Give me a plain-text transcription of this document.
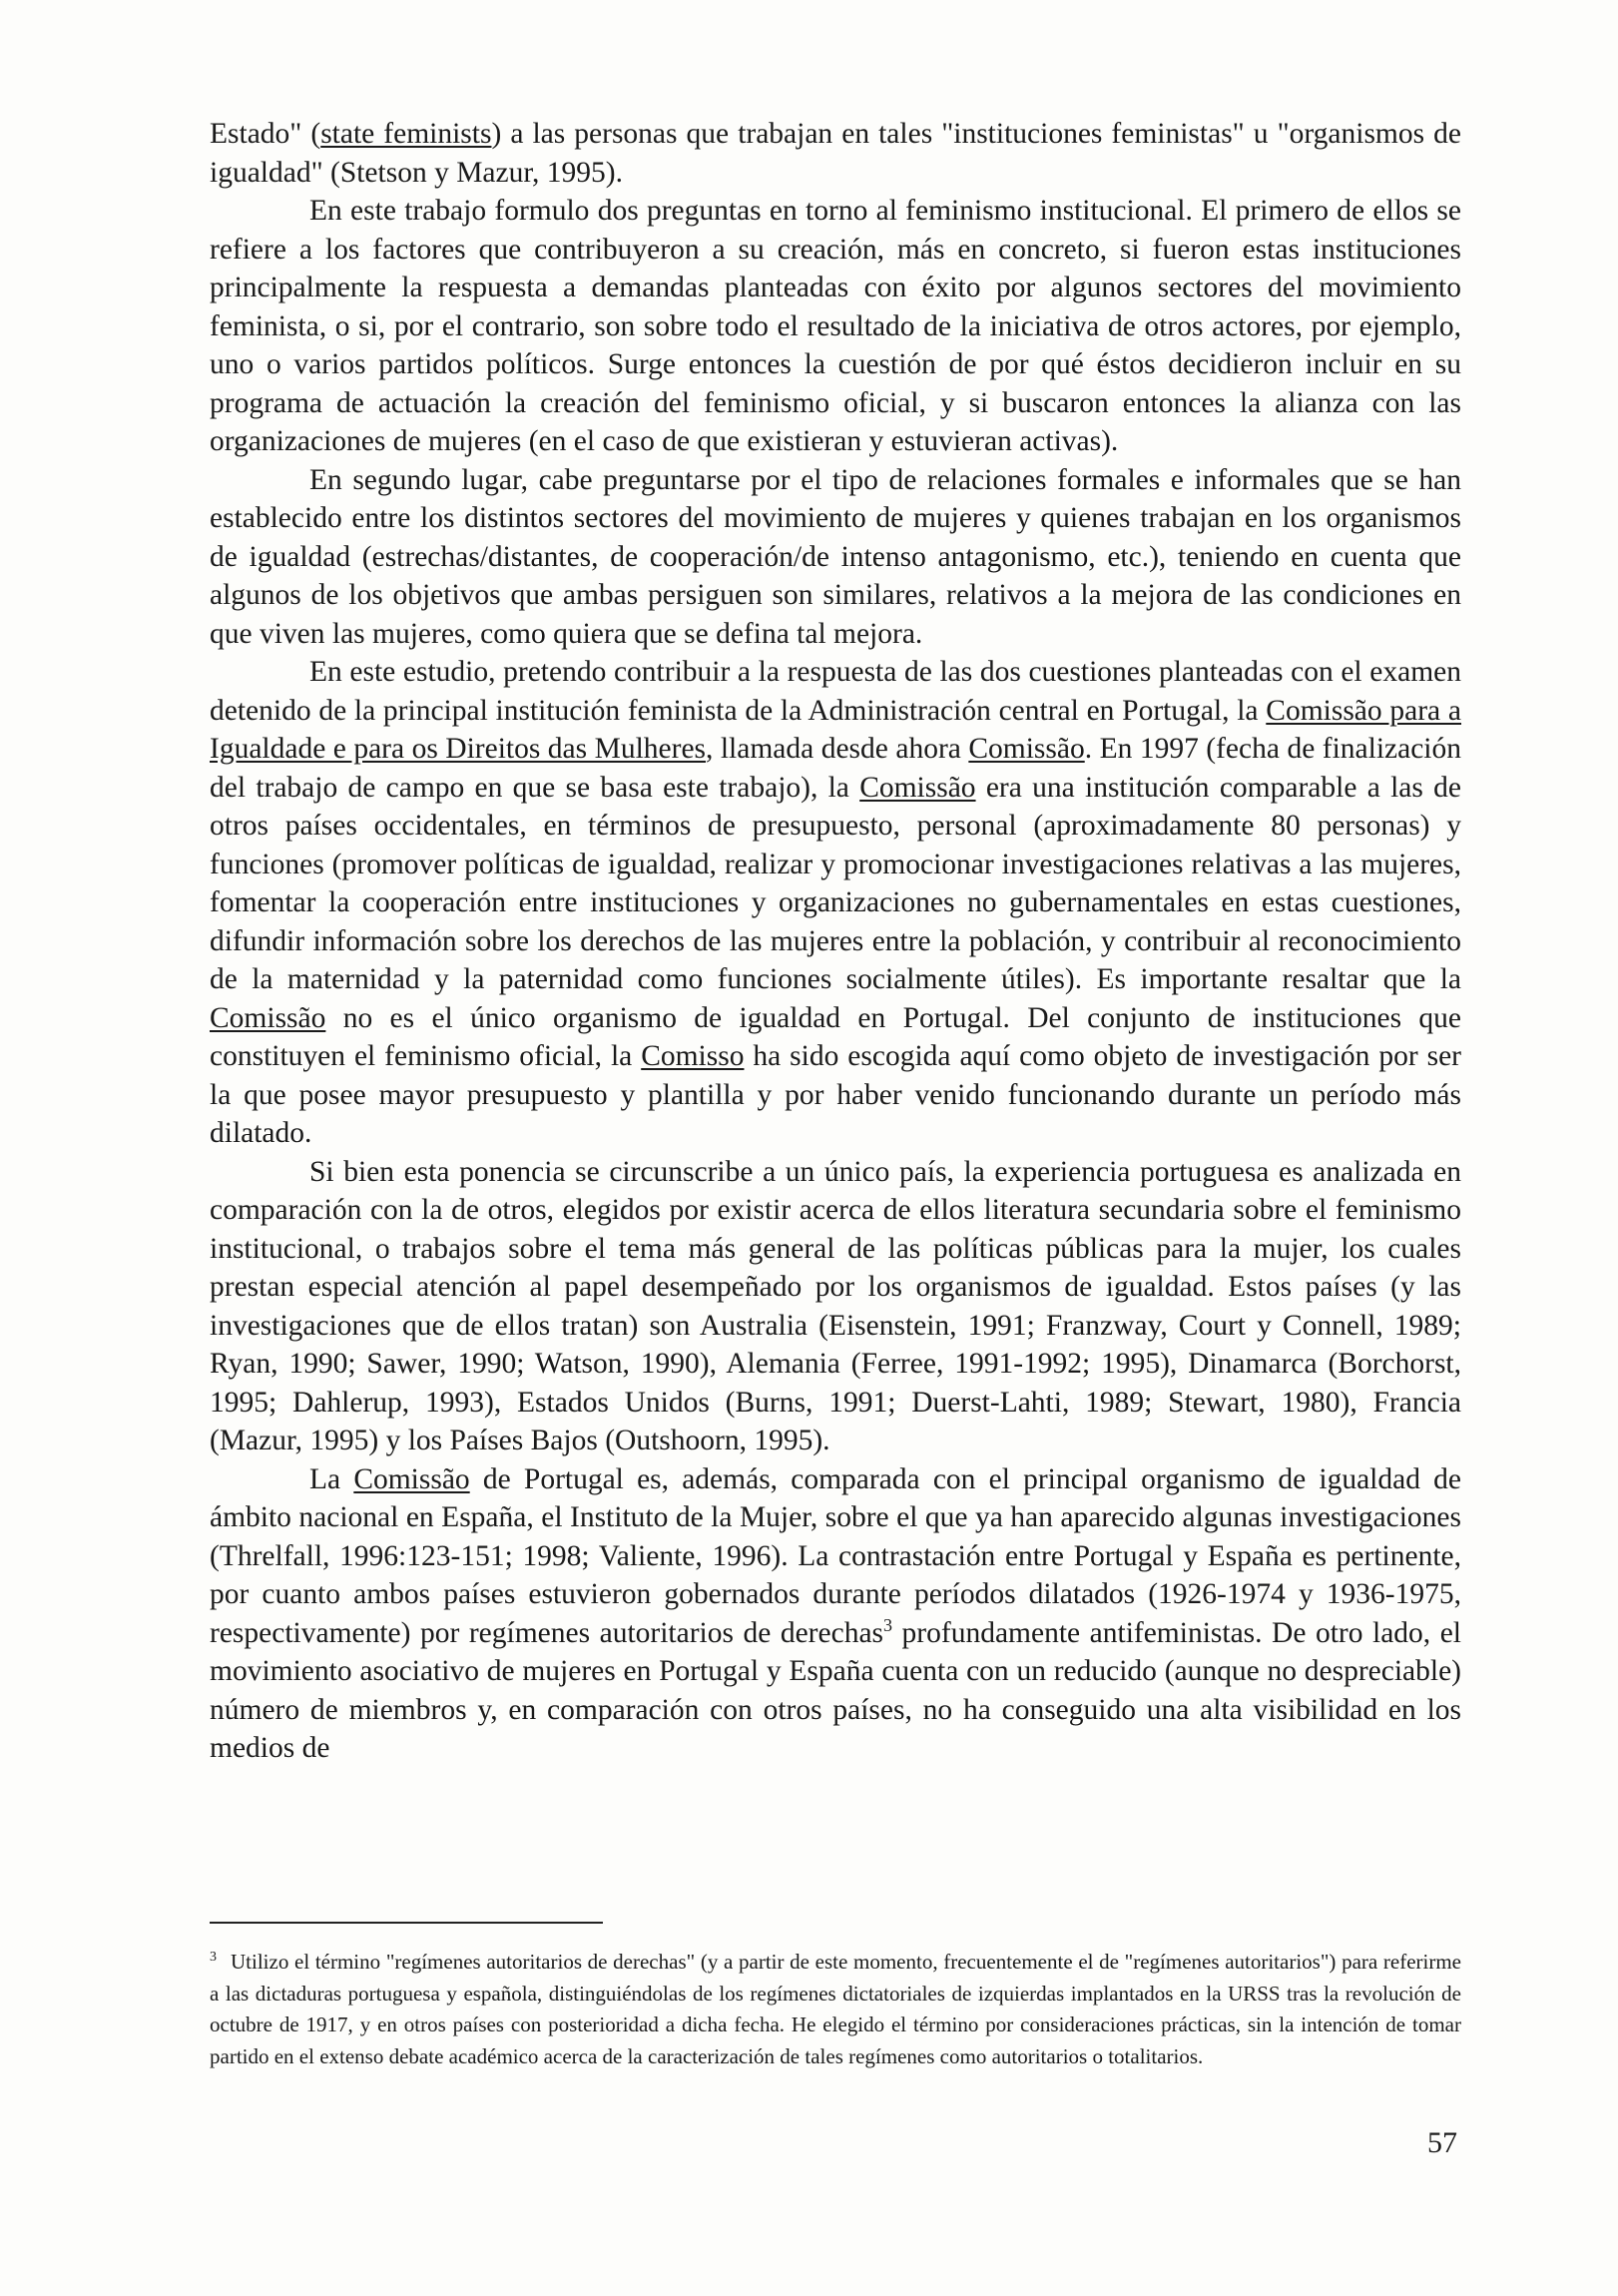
Estado" (state feminists) a las personas que trabajan en tales "instituciones feministas" u "organismos de igualdad" (Stetson y Mazur, 1995).

En este trabajo formulo dos preguntas en torno al feminismo institucional. El primero de ellos se refiere a los factores que contribuyeron a su creación, más en concreto, si fueron estas instituciones principalmente la respuesta a demandas planteadas con éxito por algunos sectores del movimiento feminista, o si, por el contrario, son sobre todo el resultado de la iniciativa de otros actores, por ejemplo, uno o varios partidos políticos. Surge entonces la cuestión de por qué éstos decidieron incluir en su programa de actuación la creación del feminismo oficial, y si buscaron entonces la alianza con las organizaciones de mujeres (en el caso de que existieran y estuvieran activas).

En segundo lugar, cabe preguntarse por el tipo de relaciones formales e informales que se han establecido entre los distintos sectores del movimiento de mujeres y quienes trabajan en los organismos de igualdad (estrechas/distantes, de cooperación/de intenso antagonismo, etc.), teniendo en cuenta que algunos de los objetivos que ambas persiguen son similares, relativos a la mejora de las condiciones en que viven las mujeres, como quiera que se defina tal mejora.

En este estudio, pretendo contribuir a la respuesta de las dos cuestiones planteadas con el examen detenido de la principal institución feminista de la Administración central en Portugal, la Comissão para a Igualdade e para os Direitos das Mulheres, llamada desde ahora Comissão. En 1997 (fecha de finalización del trabajo de campo en que se basa este trabajo), la Comissão era una institución comparable a las de otros países occidentales, en términos de presupuesto, personal (aproximadamente 80 personas) y funciones (promover políticas de igualdad, realizar y promocionar investigaciones relativas a las mujeres, fomentar la cooperación entre instituciones y organizaciones no gubernamentales en estas cuestiones, difundir información sobre los derechos de las mujeres entre la población, y contribuir al reconocimiento de la maternidad y la paternidad como funciones socialmente útiles). Es importante resaltar que la Comissão no es el único organismo de igualdad en Portugal. Del conjunto de instituciones que constituyen el feminismo oficial, la Comisso ha sido escogida aquí como objeto de investigación por ser la que posee mayor presupuesto y plantilla y por haber venido funcionando durante un período más dilatado.

Si bien esta ponencia se circunscribe a un único país, la experiencia portuguesa es analizada en comparación con la de otros, elegidos por existir acerca de ellos literatura secundaria sobre el feminismo institucional, o trabajos sobre el tema más general de las políticas públicas para la mujer, los cuales prestan especial atención al papel desempeñado por los organismos de igualdad. Estos países (y las investigaciones que de ellos tratan) son Australia (Eisenstein, 1991; Franzway, Court y Connell, 1989; Ryan, 1990; Sawer, 1990; Watson, 1990), Alemania (Ferree, 1991-1992; 1995), Dinamarca (Borchorst, 1995; Dahlerup, 1993), Estados Unidos (Burns, 1991; Duerst-Lahti, 1989; Stewart, 1980), Francia (Mazur, 1995) y los Países Bajos (Outshoorn, 1995).

La Comissão de Portugal es, además, comparada con el principal organismo de igualdad de ámbito nacional en España, el Instituto de la Mujer, sobre el que ya han aparecido algunas investigaciones (Threlfall, 1996:123-151; 1998; Valiente, 1996). La contrastación entre Portugal y España es pertinente, por cuanto ambos países estuvieron gobernados durante períodos dilatados (1926-1974 y 1936-1975, respectivamente) por regímenes autoritarios de derechas$^3$ profundamente antifeministas. De otro lado, el movimiento asociativo de mujeres en Portugal y España cuenta con un reducido (aunque no despreciable) número de miembros y, en comparación con otros países, no ha conseguido una alta visibilidad en los medios de

$^3$ Utilizo el término "regímenes autoritarios de derechas" (y a partir de este momento, frecuentemente el de "regímenes autoritarios") para referirme a las dictaduras portuguesa y española, distinguiéndolas de los regímenes dictatoriales de izquierdas implantados en la URSS tras la revolución de octubre de 1917, y en otros países con posterioridad a dicha fecha. He elegido el término por consideraciones prácticas, sin la intención de tomar partido en el extenso debate académico acerca de la caracterización de tales regímenes como autoritarios o totalitarios.

57
